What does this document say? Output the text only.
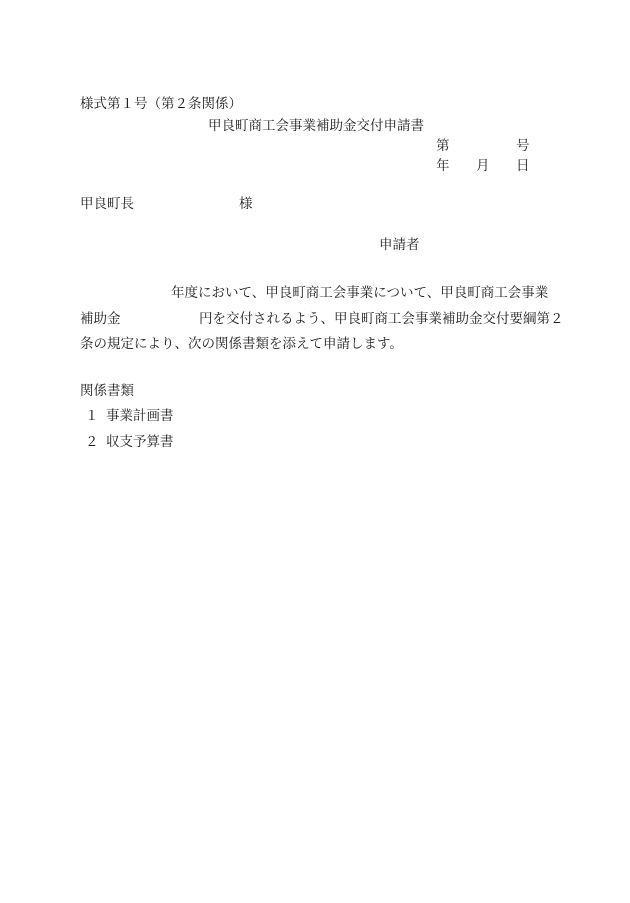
様式第１号（第２条関係）
甲良町商工会事業補助金交付申請書
第	号
年 月 日
甲良町長	様
申請者
年度において、甲良町商工会事業について、甲良町商工会事業
補助金	円を交付されるよう、甲良町商工会事業補助金交付要綱第２
条の規定により、次の関係書類を添えて申請します。
関係書類
１ 事業計画書
２ 収支予算書
